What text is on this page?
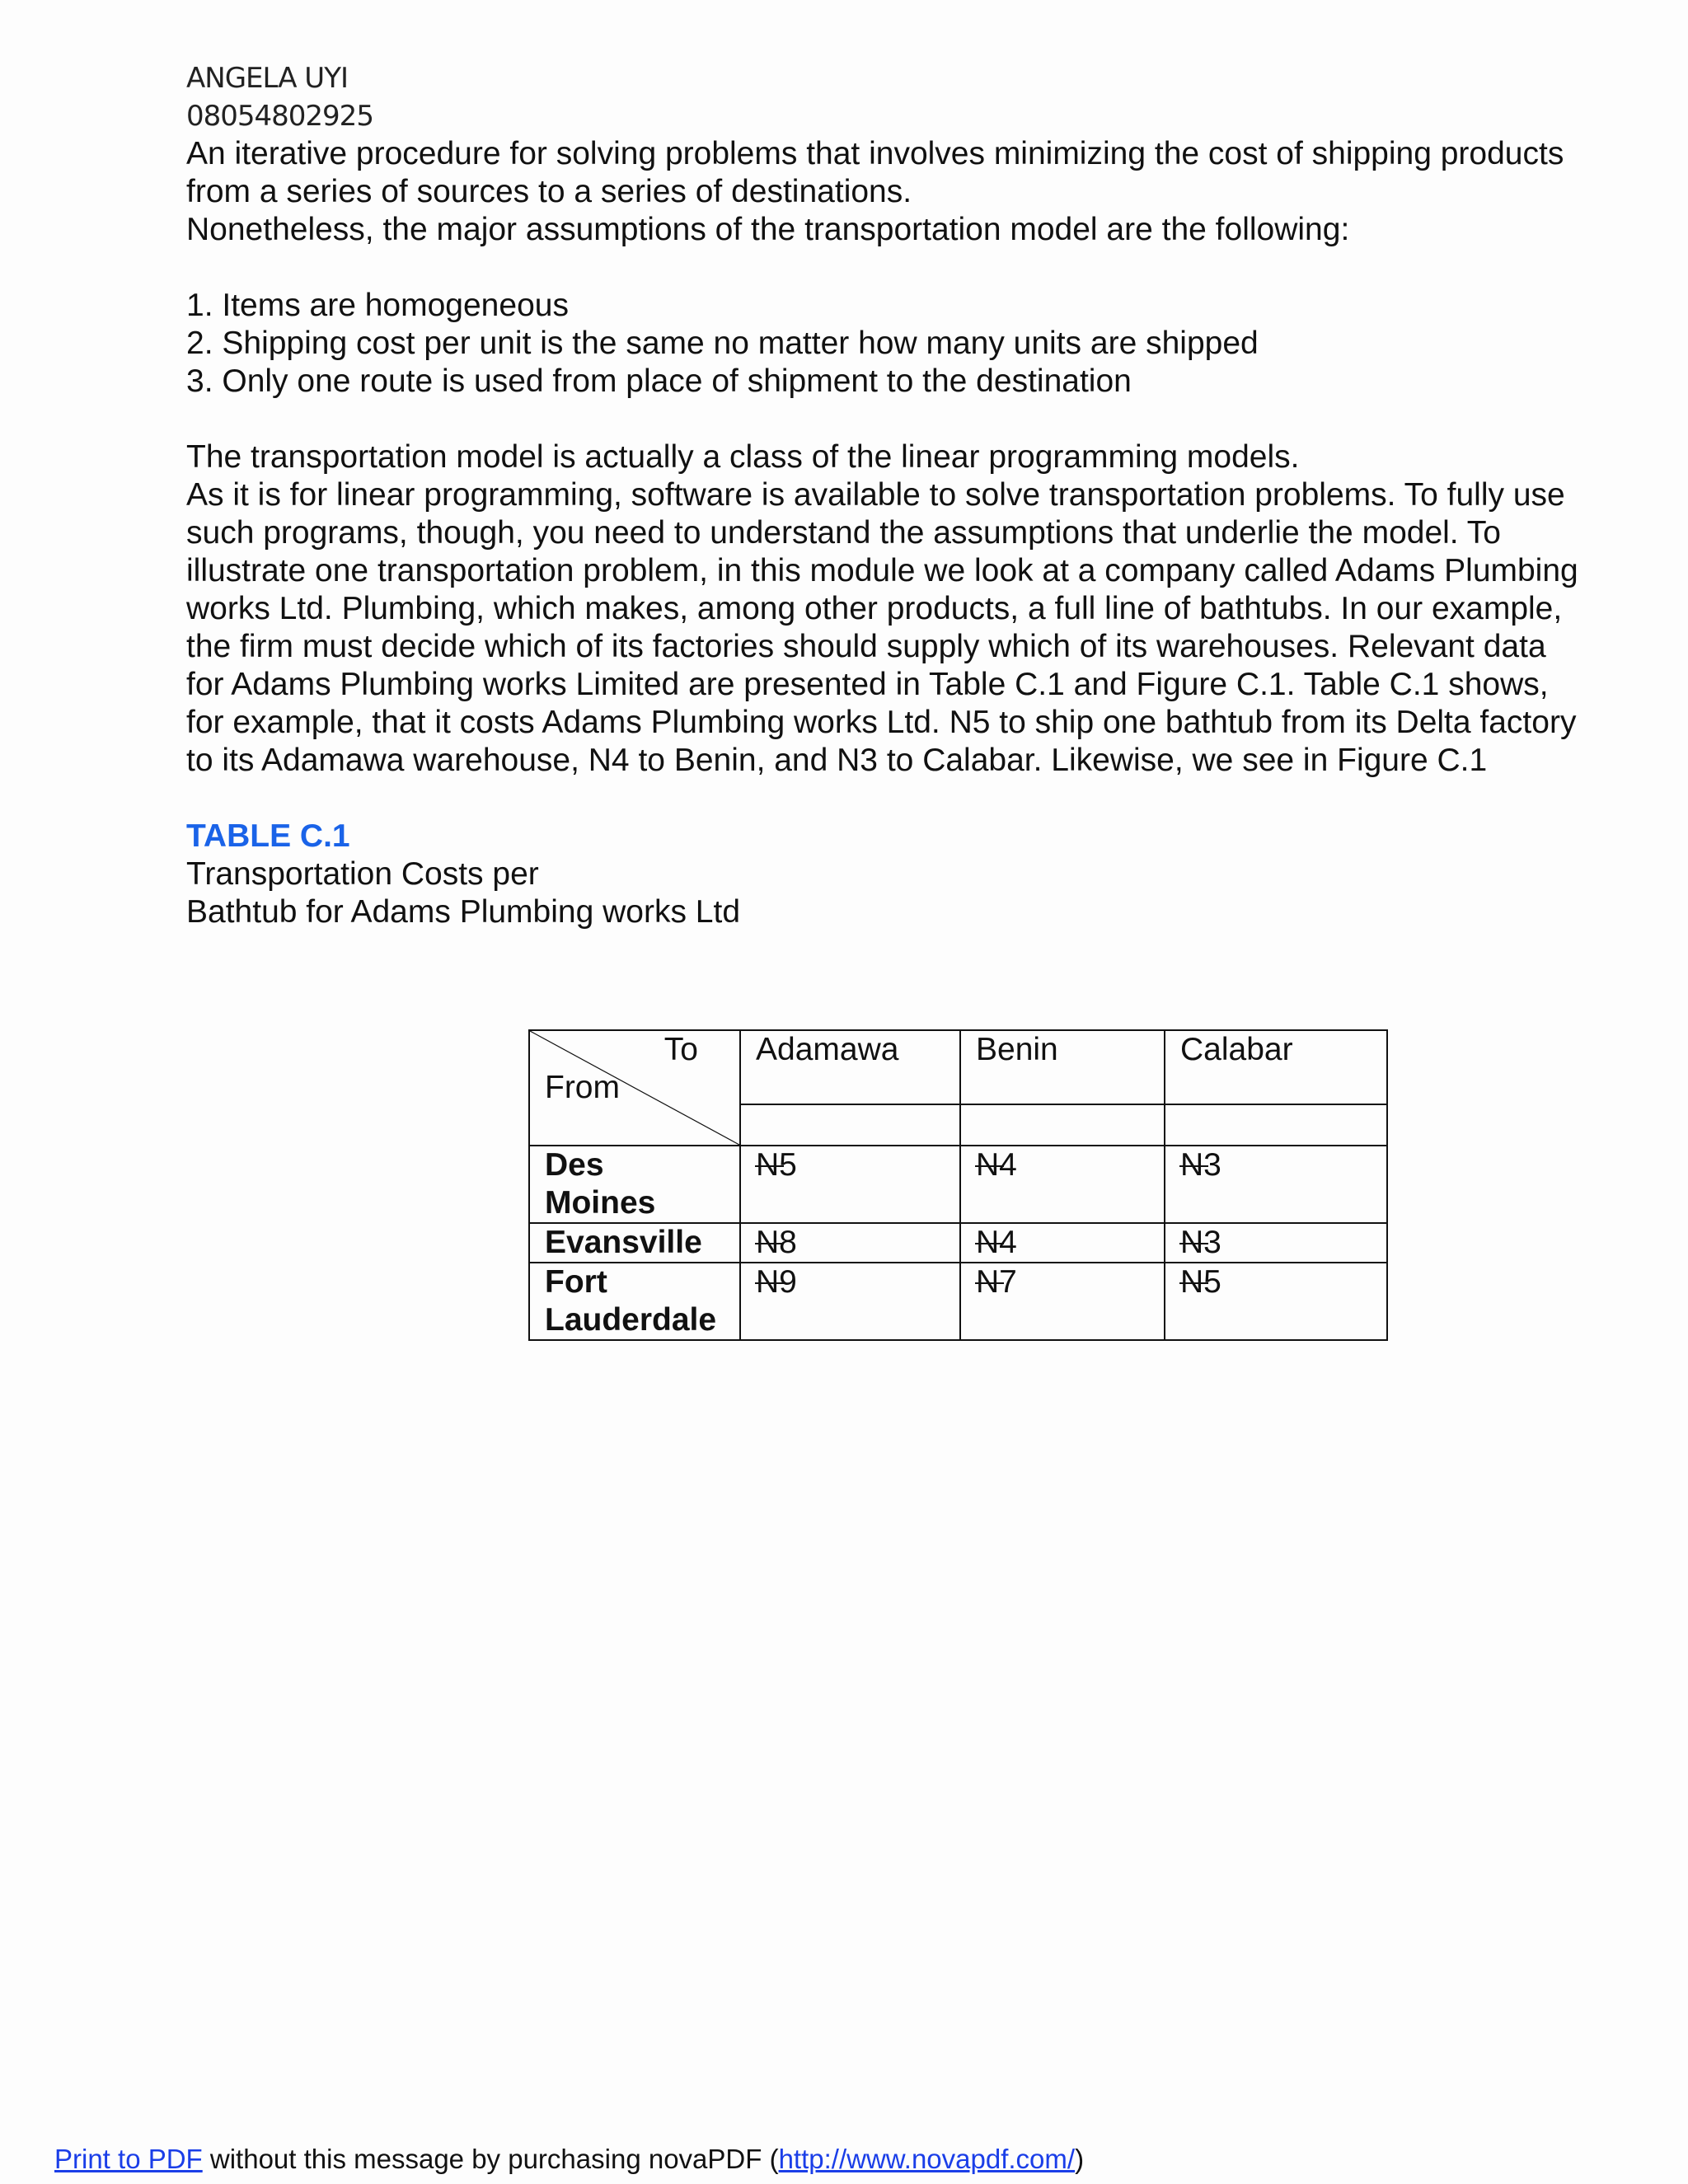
ANGELA UYI
08054802925

An iterative procedure for solving problems that involves minimizing the cost of shipping products from a series of sources to a series of destinations.

Nonetheless, the major assumptions of the transportation model are the following:

1. Items are homogeneous
2. Shipping cost per unit is the same no matter how many units are shipped
3. Only one route is used from place of shipment to the destination

The transportation model is actually a class of the linear programming models.

As it is for linear programming, software is available to solve transportation problems. To fully use such programs, though, you need to understand the assumptions that underlie the model. To illustrate one transportation problem, in this module we look at a company called Adams Plumbing works Ltd. Plumbing, which makes, among other products, a full line of bathtubs. In our example, the firm must decide which of its factories should supply which of its warehouses. Relevant data for Adams Plumbing works Limited are presented in Table C.1 and Figure C.1. Table C.1 shows, for example, that it costs Adams Plumbing works Ltd. N5 to ship one bathtub from its Delta factory to its Adamawa warehouse, N4 to Benin, and N3 to Calabar. Likewise, we see in Figure C.1

TABLE C.1

Transportation Costs per

Bathtub for Adams Plumbing works Ltd

To
From	Adamawa	Benin	Calabar

Des
Moines	N5	N4	N3

Evansville	N8	N4	N3

Fort
Lauderdale	N9	N7	N5
Print to PDF without this message by purchasing novaPDF (http://www.novapdf.com/)
